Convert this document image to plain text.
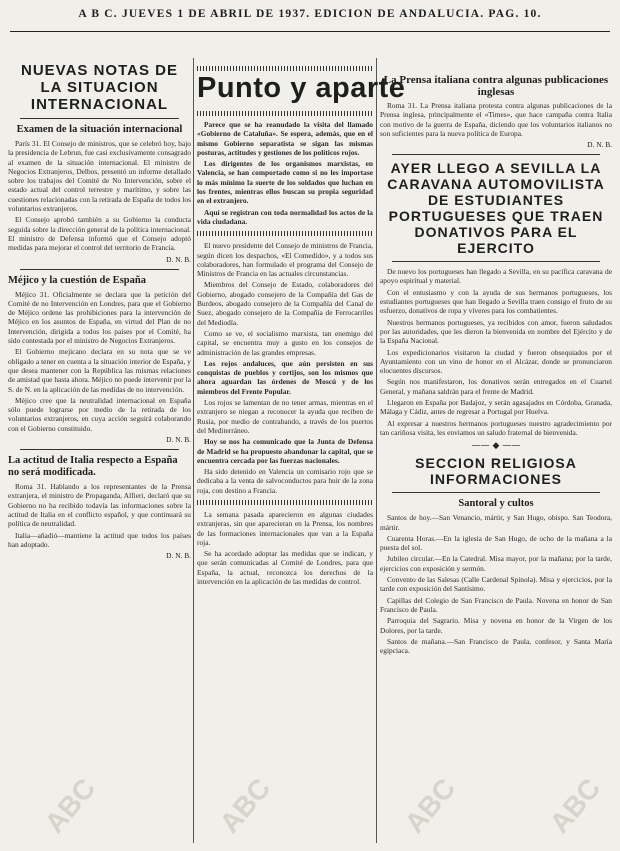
A B C. JUEVES 1 DE ABRIL DE 1937. EDICION DE ANDALUCIA. PAG. 10.
NUEVAS NOTAS DE LA SITUACION INTERNACIONAL
Examen de la situación internacional

París 31. El Consejo de ministros, que se celebró hoy, bajo la presidencia de Lebrun, fue casi exclusivamente consagrado al examen de la situación internacional. El ministro de Negocios Extranjeros, Delbos, presentó un informe detallado sobre los trabajos del Comité de No Intervención, sobre el estado actual del control terrestre y marítimo, y sobre las cuestiones relacionadas con la retirada de España de todos los voluntarios extranjeros.

El Consejo aprobó también a su Gobierno la conducta seguida sobre la dirección general de la política internacional. El ministro de Defensa informó que el Consejo adoptó medidas para mejorar el control del territorio de Francia.

D. N. B.
Méjico y la cuestión de España

Méjico 31. Oficialmente se declara que la petición del Comité de no Intervención en Londres, para que el Gobierno de Méjico ordene las prohibiciones para la intervención de Méjico en los asuntos de España, en virtud del Plan de no Intervención, dirigida a todos los países por el Comité, ha sido contestada por el ministro de Negocios Extranjeros.

El Gobierno mejicano declara en su nota que se ve obligado a tener en cuenta a la situación interior de España, y que desea mantener con la República las mismas relaciones de amistad que hasta ahora. Méjico no puede intervenir por la S. de N. en la aplicación de las medidas de no intervención.

Méjico cree que la neutralidad internacional en España sólo puede lograrse por medio de la retirada de los voluntarios extranjeros, en cuya acción seguirá colaborando con el Gobierno constituido.

D. N. B.
La actitud de Italia respecto a España no será modificada.

Roma 31. Hablando a los representantes de la Prensa extranjera, el ministro de Propaganda, Alfieri, declaró que su Gobierno no ha recibido todavía las informaciones sobre la actitud de Italia en el conflicto español, y que continuará su política de neutralidad.

Italia—añadió—mantiene la actitud que todos los países han adoptado.

D. N. B.
Punto y aparte

Parece que se ha reanudado la visita del llamado «Gobierno de Cataluña». Se espera, además, que en el mismo Gobierno separatista se sigan las mismas posturas, actitudes y gestiones de los políticos rojos.

Los dirigentes de los organismos marxistas, en Valencia, se han comportado como si no les importase lo más mínimo la suerte de los soldados que luchan en los frentes, mientras ellos buscan su propia seguridad en el extranjero.

Aquí se registran con toda normalidad los actos de la vida ciudadana.

El nuevo presidente del Consejo de ministros de Francia, según dicen los despachos, «El Comedido», y a todos sus colaboradores, han formulado el programa del Consejo de Ministros de Francia en las actuales circunstancias.

Miembros del Consejo de Estado, colaboradores del Gobierno, abogado consejero de la Compañía del Gas de Burdeos, abogado consejero de la Compañía del Canal de Suez, abogado consejero de la Compañía de Ferrocarriles del Mediodía.

Como se ve, el socialismo marxista, tan enemigo del capital, se encuentra muy a gusto en los consejos de administración de las grandes empresas.

Los rojos andaluces, que aún persisten en sus conquistas de pueblos y cortijos, son los mismos que ahora aguardan las órdenes de Moscú y de los miembros del Frente Popular.

Los rojos se lamentan de no tener armas, mientras en el extranjero se niegan a reconocer la ayuda que reciben de Rusia, por medio de contrabando, a través de los puertos del Mediterráneo.

Hoy se nos ha comunicado que la Junta de Defensa de Madrid se ha propuesto abandonar la capital, que se encuentra cercada por las fuerzas nacionales.

Ha sido detenido en Valencia un comisario rojo que se dedicaba a la venta de salvoconductos para huir de la zona roja, con destino a Francia.

La semana pasada aparecieron en algunas ciudades extranjeras, sin que aparecieran en la Prensa, los nombres de las formaciones internacionales que van a la España roja.

Se ha acordado adoptar las medidas que se indican, y que serán comunicadas al Comité de Londres, para que España, la actual, reconozca los derechos de la intervención en la aplicación de las medidas de control.

La Prensa italiana contra algunas publicaciones inglesas

Roma 31. La Prensa italiana protesta contra algunas publicaciones de la Prensa inglesa, principalmente el «Times», que hace campaña contra Italia con motivo de la guerra de España, diciendo que los voluntarios italianos no son suficientes para la nueva política de Europa.

D. N. B.
AYER LLEGO A SEVILLA LA CARAVANA AUTOMOVILISTA DE ESTUDIANTES PORTUGUESES QUE TRAEN DONATIVOS PARA EL EJERCITO

De nuevo los portugueses han llegado a Sevilla, en su pacífica caravana de apoyo espiritual y material.

Con el entusiasmo y con la ayuda de sus hermanos portugueses, los estudiantes portugueses que han llegado a Sevilla traen consigo el fruto de su esfuerzo, donativos de ropa y víveres para los combatientes.

Nuestros hermanos portugueses, ya recibidos con amor, fueron saludados por las autoridades, que les dieron la bienvenida en nombre del Ejército y de la España Nacional.

Los expedicionarios visitaron la ciudad y fueron obsequiados por el Ayuntamiento con un vino de honor en el Alcázar, donde se pronunciaron elocuentes discursos.

Según nos manifestaron, los donativos serán entregados en el Cuartel General, y mañana saldrán para el frente de Madrid.

Llegaron en España por Badajoz, y serán agasajados en Córdoba, Granada, Málaga y Cádiz, antes de regresar a Portugal por Huelva.

Al expresar a nuestros hermanos portugueses nuestro agradecimiento por tan cariñosa visita, les enviamos un saludo fraternal de bienvenida.

—— ◆ ——
SECCION RELIGIOSA INFORMACIONES
Santoral y cultos

Santos de hoy.—San Venancio, mártir, y San Hugo, obispo. San Teodora, mártir.

Cuarenta Horas.—En la iglesia de San Hugo, de ocho de la mañana a la puesta del sol.

Jubileo circular.—En la Catedral. Misa mayor, por la mañana; por la tarde, ejercicios con exposición y sermón.

Convento de las Salesas (Calle Cardenal Spinola). Misa y ejercicios, por la tarde con exposición del Santísimo.

Capillas del Colegio de San Francisco de Paula. Novena en honor de San Francisco de Paula.

Parroquia del Sagrario. Misa y novena en honor de la Virgen de los Dolores, por la tarde.

Santos de mañana.—San Francisco de Paula, confesor, y Santa María egipciaca.

ABC	ABC	ABC	ABC
